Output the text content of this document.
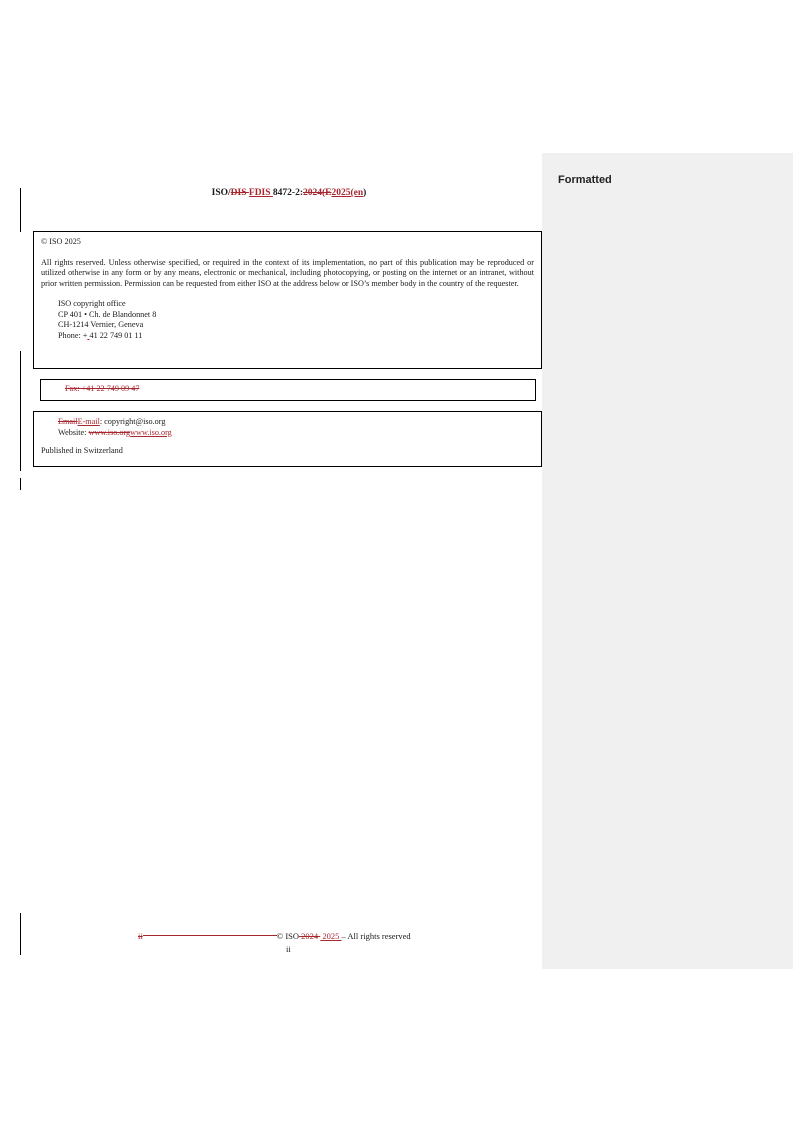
ISO/DIS FDIS 8472-2:2024(E2025(en)

© ISO 2025

All rights reserved. Unless otherwise specified, or required in the context of its implementation, no part of this publication may be reproduced or utilized otherwise in any form or by any means, electronic or mechanical, including photocopying, or posting on the internet or an intranet, without prior written permission. Permission can be requested from either ISO at the address below or ISO’s member body in the country of the requester.

ISO copyright office

CP 401 • Ch. de Blandonnet 8

CH-1214 Vernier, Geneva

Phone: + 41 22 749 01 11

Fax: +41 22 749 09 47

EmailE-mail: copyright@iso.org

Website: www.iso.orgwww.iso.org

Published in Switzerland

ii	© ISO 2024 2025 – All rights reserved
ii
Formatted
